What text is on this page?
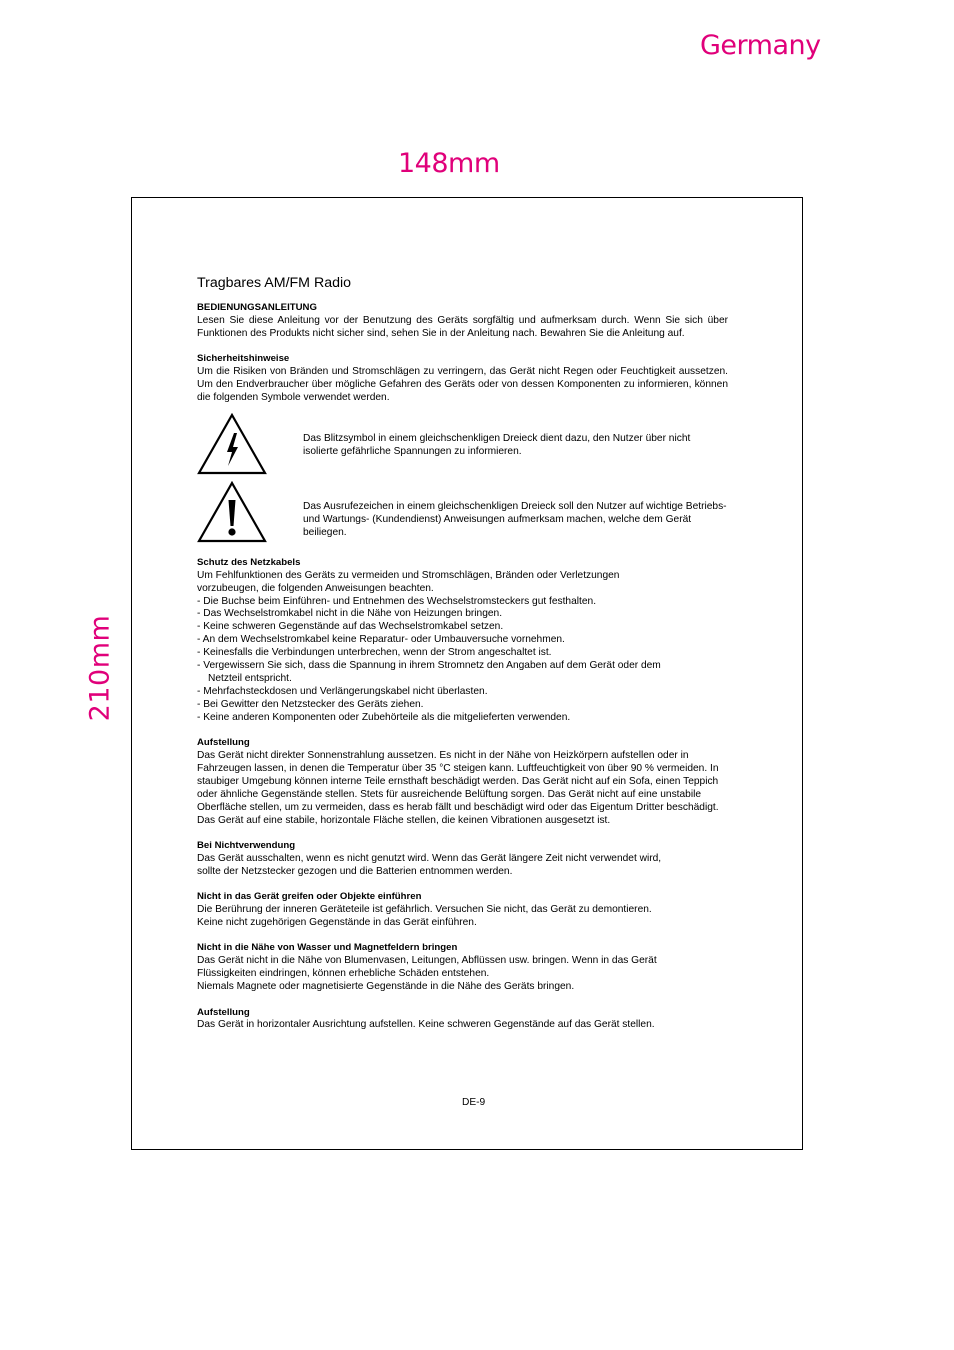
Germany
148mm
210mm
Tragbares AM/FM Radio
BEDIENUNGSANLEITUNG
Lesen Sie diese Anleitung vor der Benutzung des Geräts sorgfältig und aufmerksam durch. Wenn Sie sich über Funktionen des Produkts nicht sicher sind, sehen Sie in der Anleitung nach. Bewahren Sie die Anleitung auf.
Sicherheitshinweise
Um die Risiken von Bränden und Stromschlägen zu verringern, das Gerät nicht Regen oder Feuchtigkeit aussetzen. Um den Endverbraucher über mögliche Gefahren des Geräts oder von dessen Komponenten zu informieren, können die folgenden Symbole verwendet werden.
Das Blitzsymbol in einem gleichschenkligen Dreieck dient dazu, den Nutzer über nicht isolierte gefährliche Spannungen zu informieren.
Das Ausrufezeichen in einem gleichschenkligen Dreieck soll den Nutzer auf wichtige Betriebs- und Wartungs- (Kundendienst) Anweisungen aufmerksam machen, welche dem Gerät beiliegen.
Schutz des Netzkabels
Um Fehlfunktionen des Geräts zu vermeiden und Stromschlägen, Bränden oder Verletzungen
vorzubeugen, die folgenden Anweisungen beachten.
- Die Buchse beim Einführen- und Entnehmen des Wechselstromsteckers gut festhalten.
- Das Wechselstromkabel nicht in die Nähe von Heizungen bringen.
- Keine schweren Gegenstände auf das Wechselstromkabel setzen.
- An dem Wechselstromkabel keine Reparatur- oder Umbauversuche vornehmen.
- Keinesfalls die Verbindungen unterbrechen, wenn der Strom angeschaltet ist.
- Vergewissern Sie sich, dass die Spannung in ihrem Stromnetz den Angaben auf dem Gerät oder dem
Netzteil entspricht.
- Mehrfachsteckdosen und Verlängerungskabel nicht überlasten.
- Bei Gewitter den Netzstecker des Geräts ziehen.
- Keine anderen Komponenten oder Zubehörteile als die mitgelieferten verwenden.
Aufstellung
Das Gerät nicht direkter Sonnenstrahlung aussetzen. Es nicht in der Nähe von Heizkörpern aufstellen oder in Fahrzeugen lassen, in denen die Temperatur über 35 °C steigen kann. Luftfeuchtigkeit von über 90 % vermeiden. In staubiger Umgebung können interne Teile ernsthaft beschädigt werden. Das Gerät nicht auf ein Sofa, einen Teppich oder ähnliche Gegenstände stellen. Stets für ausreichende Belüftung sorgen. Das Gerät nicht auf eine unstabile Oberfläche stellen, um zu vermeiden, dass es herab fällt und beschädigt wird oder das Eigentum Dritter beschädigt. Das Gerät auf eine stabile, horizontale Fläche stellen, die keinen Vibrationen ausgesetzt ist.
Bei Nichtverwendung
Das Gerät ausschalten, wenn es nicht genutzt wird. Wenn das Gerät längere Zeit nicht verwendet wird,
sollte der Netzstecker gezogen und die Batterien entnommen werden.
Nicht in das Gerät greifen oder Objekte einführen
Die Berührung der inneren Geräteteile ist gefährlich. Versuchen Sie nicht, das Gerät zu demontieren.
Keine nicht zugehörigen Gegenstände in das Gerät einführen.
Nicht in die Nähe von Wasser und Magnetfeldern bringen
Das Gerät nicht in die Nähe von Blumenvasen, Leitungen, Abflüssen usw. bringen. Wenn in das Gerät
Flüssigkeiten eindringen, können erhebliche Schäden entstehen.
Niemals Magnete oder magnetisierte Gegenstände in die Nähe des Geräts bringen.
Aufstellung
Das Gerät in horizontaler Ausrichtung aufstellen. Keine schweren Gegenstände auf das Gerät stellen.
DE-9
